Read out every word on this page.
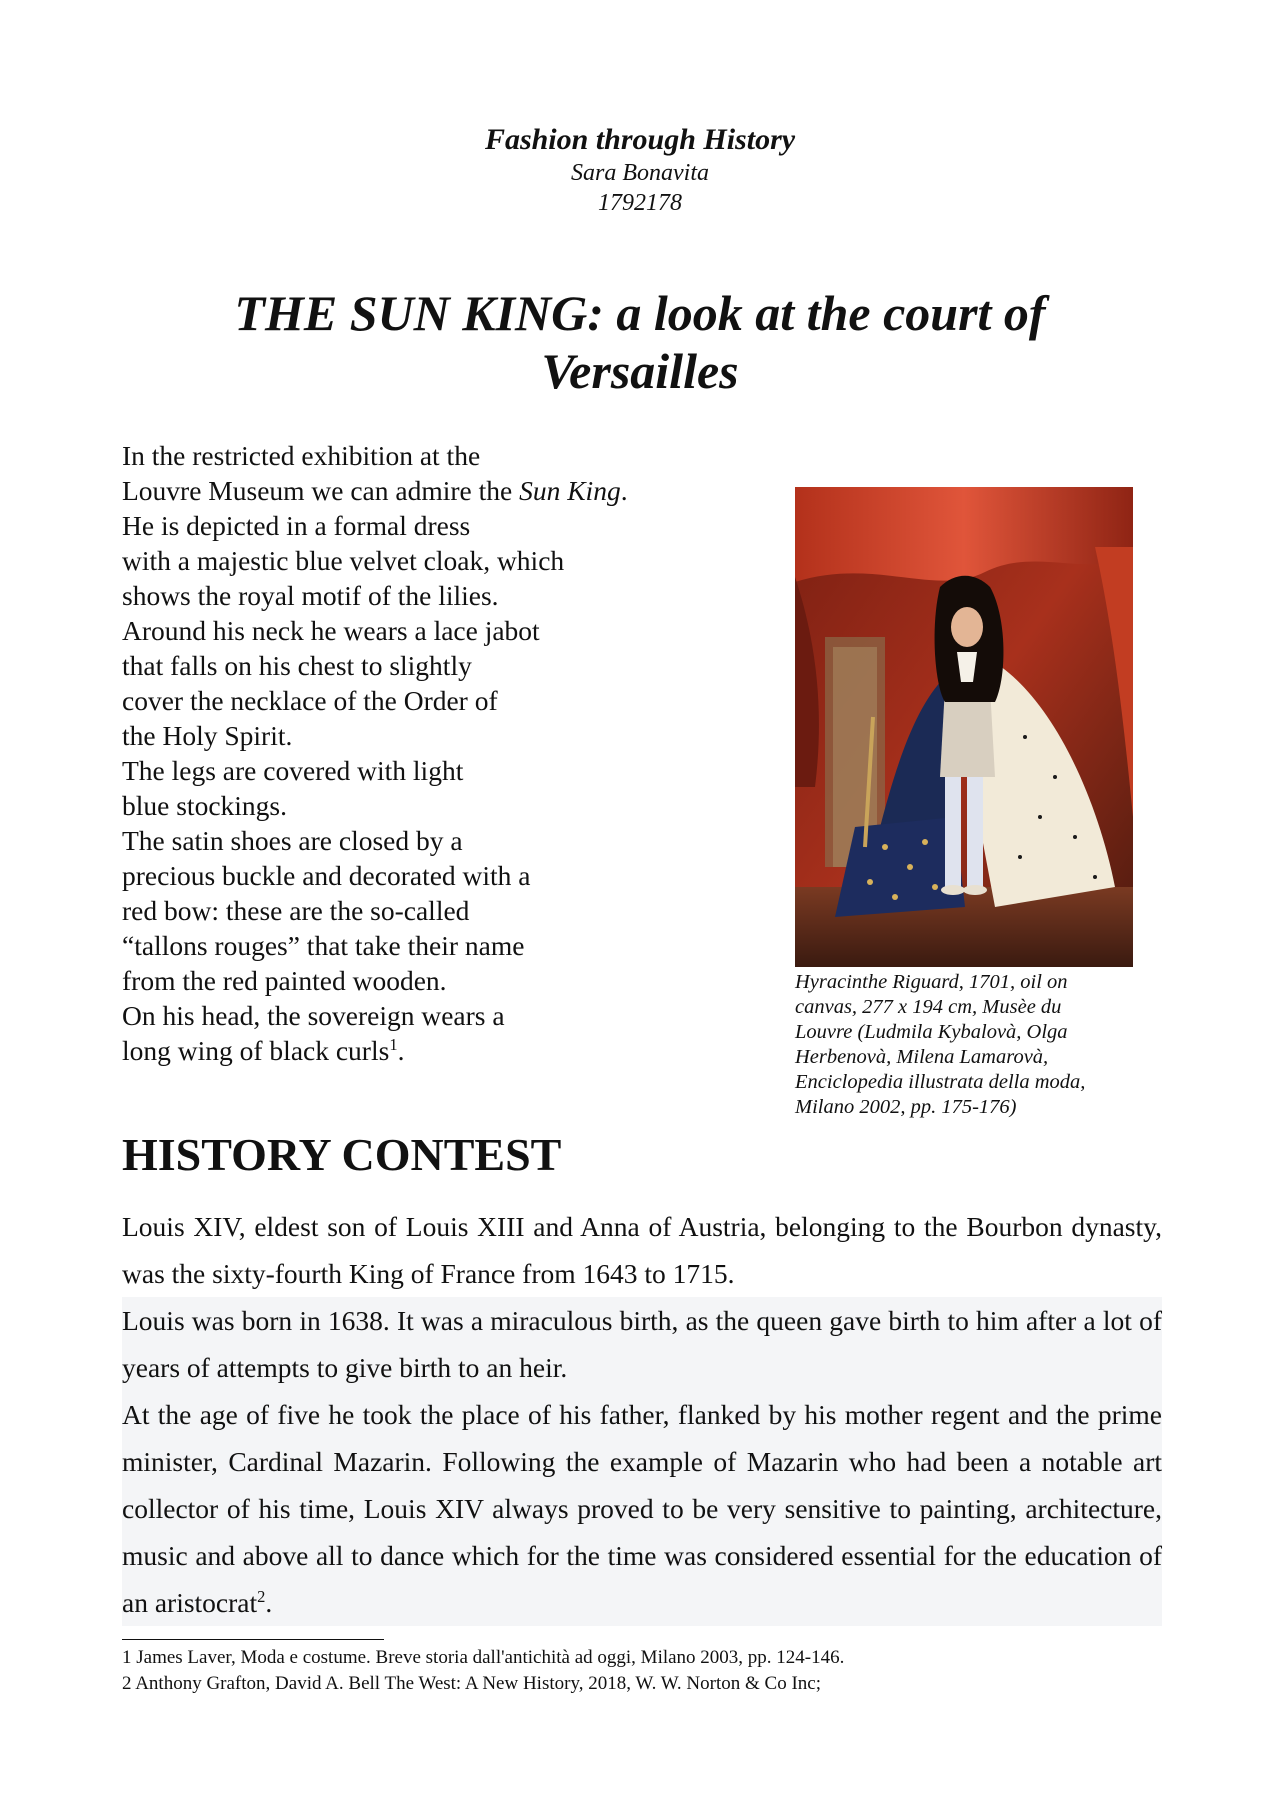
Fashion through History
Sara Bonavita
1792178
THE SUN KING: a look at the court of
Versailles

In the restricted exhibition at the
Louvre Museum we can admire the Sun King.
He is depicted in a formal dress
with a majestic blue velvet cloak, which
shows the royal motif of the lilies.
Around his neck he wears a lace jabot
that falls on his chest to slightly
cover the necklace of the Order of
the Holy Spirit.
The legs are covered with light
blue stockings.
The satin shoes are closed by a
precious buckle and decorated with a
red bow: these are the so-called
“tallons rouges” that take their name
from the red painted wooden.
On his head, the sovereign wears a
long wing of black curls$^1$.

Hyracinthe Riguard, 1701, oil on
canvas, 277 x 194 cm, Musèe du
Louvre (Ludmila Kybalovà, Olga
Herbenovà, Milena Lamarovà,
Enciclopedia illustrata della moda,
Milano 2002, pp. 175-176)
HISTORY CONTEST

Louis XIV, eldest son of Louis XIII and Anna of Austria, belonging to the Bourbon dynasty, was the sixty-fourth King of France from 1643 to 1715.

Louis was born in 1638. It was a miraculous birth, as the queen gave birth to him after a lot of years of attempts to give birth to an heir.

At the age of five he took the place of his father, flanked by his mother regent and the prime minister, Cardinal Mazarin. Following the example of Mazarin who had been a notable art collector of his time, Louis XIV always proved to be very sensitive to painting, architecture, music and above all to dance which for the time was considered essential for the education of an aristocrat$^2$.

1 James Laver, Moda e costume. Breve storia dall'antichità ad oggi, Milano 2003, pp. 124-146.
2 Anthony Grafton, David A. Bell The West: A New History, 2018, W. W. Norton & Co Inc;
